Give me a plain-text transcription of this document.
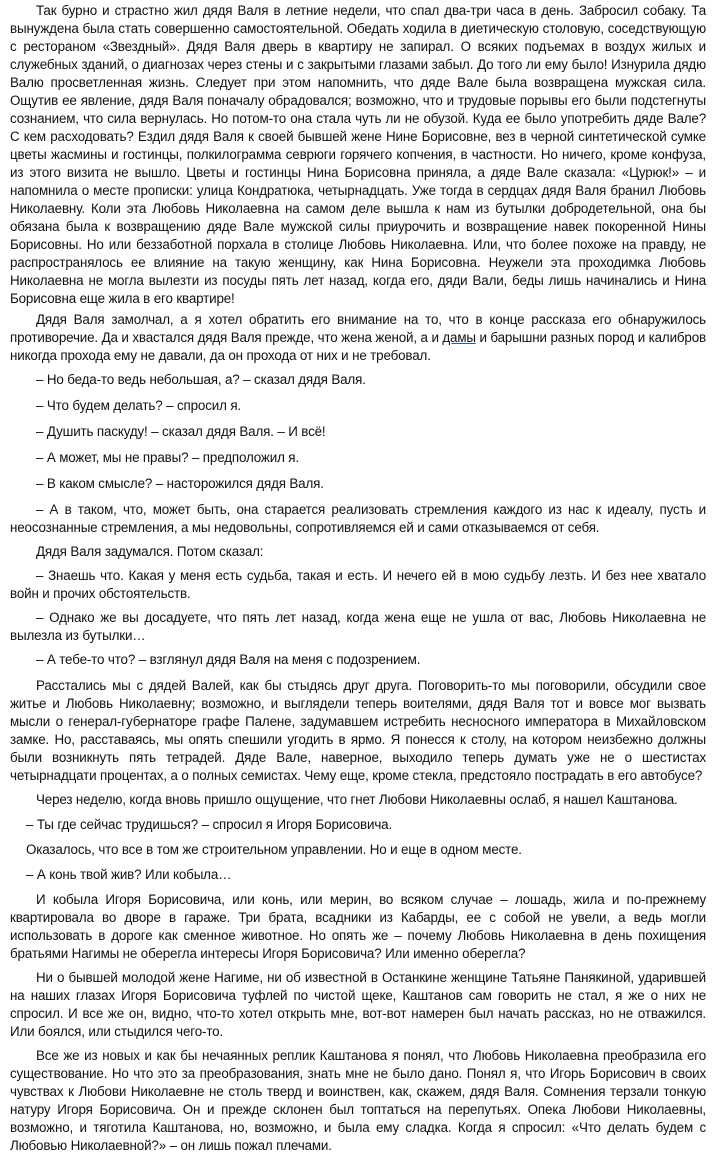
Так бурно и страстно жил дядя Валя в летние недели, что спал два-три часа в день. Забросил собаку. Та вынуждена была стать совершенно самостоятельной. Обедать ходила в диетическую столовую, соседствующую с рестораном «Звездный». Дядя Валя дверь в квартиру не запирал. О всяких подъемах в воздух жилых и служебных зданий, о диагнозах через стены и с закрытыми глазами забыл. До того ли ему было! Изнурила дядю Валю просветленная жизнь. Следует при этом напомнить, что дяде Вале была возвращена мужская сила. Ощутив ее явление, дядя Валя поначалу обрадовался; возможно, что и трудовые порывы его были подстегнуты сознанием, что сила вернулась. Но потом-то она стала чуть ли не обузой. Куда ее было употребить дяде Вале? С кем расходовать? Ездил дядя Валя к своей бывшей жене Нине Борисовне, вез в черной синтетической сумке цветы жасмины и гостинцы, полкилограмма севрюги горячего копчения, в частности. Но ничего, кроме конфуза, из этого визита не вышло. Цветы и гостинцы Нина Борисовна приняла, а дяде Вале сказала: «Цурюк!» – и напомнила о месте прописки: улица Кондратюка, четырнадцать. Уже тогда в сердцах дядя Валя бранил Любовь Николаевну. Коли эта Любовь Николаевна на самом деле вышла к нам из бутылки добродетельной, она бы обязана была к возвращению дяде Вале мужской силы приурочить и возвращение навек покоренной Нины Борисовны. Но или беззаботной порхала в столице Любовь Николаевна. Или, что более похоже на правду, не распространялось ее влияние на такую женщину, как Нина Борисовна. Неужели эта проходимка Любовь Николаевна не могла вылезти из посуды пять лет назад, когда его, дяди Вали, беды лишь начинались и Нина Борисовна еще жила в его квартире!

Дядя Валя замолчал, а я хотел обратить его внимание на то, что в конце рассказа его обнаружилось противоречие. Да и хвастался дядя Валя прежде, что жена женой, а и дамы и барышни разных пород и калибров никогда прохода ему не давали, да он прохода от них и не требовал.

– Но беда-то ведь небольшая, а? – сказал дядя Валя.

– Что будем делать? – спросил я.

– Душить паскуду! – сказал дядя Валя. – И всё!

– А может, мы не правы? – предположил я.

– В каком смысле? – насторожился дядя Валя.

– А в таком, что, может быть, она старается реализовать стремления каждого из нас к идеалу, пусть и неосознанные стремления, а мы недовольны, сопротивляемся ей и сами отказываемся от себя.

Дядя Валя задумался. Потом сказал:

– Знаешь что. Какая у меня есть судьба, такая и есть. И нечего ей в мою судьбу лезть. И без нее хватало войн и прочих обстоятельств.

– Однако же вы досадуете, что пять лет назад, когда жена еще не ушла от вас, Любовь Николаевна не вылезла из бутылки…

– А тебе-то что? – взглянул дядя Валя на меня с подозрением.

Расстались мы с дядей Валей, как бы стыдясь друг друга. Поговорить-то мы поговорили, обсудили свое житье и Любовь Николаевну; возможно, и выглядели теперь воителями, дядя Валя тот и вовсе мог вызвать мысли о генерал-губернаторе графе Палене, задумавшем истребить несносного императора в Михайловском замке. Но, расставаясь, мы опять спешили угодить в ярмо. Я понесся к столу, на котором неизбежно должны были возникнуть пять тетрадей. Дяде Вале, наверное, выходило теперь думать уже не о шестистах четырнадцати процентах, а о полных семистах. Чему еще, кроме стекла, предстояло пострадать в его автобусе?

Через неделю, когда вновь пришло ощущение, что гнет Любови Николаевны ослаб, я нашел Каштанова.

– Ты где сейчас трудишься? – спросил я Игоря Борисовича.

Оказалось, что все в том же строительном управлении. Но и еще в одном месте.

– А конь твой жив? Или кобыла…

И кобыла Игоря Борисовича, или конь, или мерин, во всяком случае – лошадь, жила и по-прежнему квартировала во дворе в гараже. Три брата, всадники из Кабарды, ее с собой не увели, а ведь могли использовать в дороге как сменное животное. Но опять же – почему Любовь Николаевна в день похищения братьями Нагимы не оберегла интересы Игоря Борисовича? Или именно оберегла?

Ни о бывшей молодой жене Нагиме, ни об известной в Останкине женщине Татьяне Панякиной, ударившей на наших глазах Игоря Борисовича туфлей по чистой щеке, Каштанов сам говорить не стал, я же о них не спросил. И все же он, видно, что-то хотел открыть мне, вот-вот намерен был начать рассказ, но не отважился. Или боялся, или стыдился чего-то.

Все же из новых и как бы нечаянных реплик Каштанова я понял, что Любовь Николаевна преобразила его существование. Но что это за преобразования, знать мне не было дано. Понял я, что Игорь Борисович в своих чувствах к Любови Николаевне не столь тверд и воинствен, как, скажем, дядя Валя. Сомнения терзали тонкую натуру Игоря Борисовича. Он и прежде склонен был топтаться на перепутьях. Опека Любови Николаевны, возможно, и тяготила Каштанова, но, возможно, и была ему сладка. Когда я спросил: «Что делать будем с Любовью Николаевной?» – он лишь пожал плечами.
